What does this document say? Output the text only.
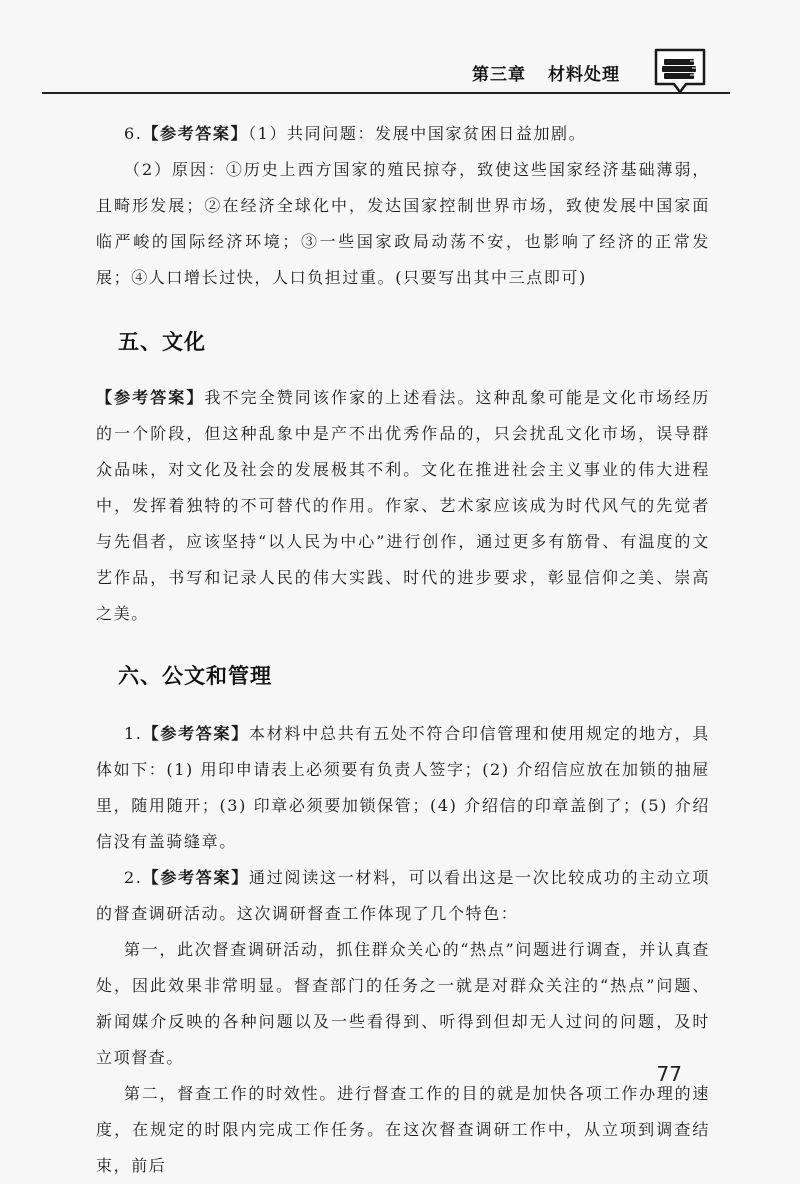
第三章 材料处理

6.【参考答案】（1）共同问题：发展中国家贫困日益加剧。

（2）原因：①历史上西方国家的殖民掠夺，致使这些国家经济基础薄弱，且畸形发展；②在经济全球化中，发达国家控制世界市场，致使发展中国家面临严峻的国际经济环境；③一些国家政局动荡不安，也影响了经济的正常发展；④人口增长过快，人口负担过重。(只要写出其中三点即可)

五、文化

【参考答案】我不完全赞同该作家的上述看法。这种乱象可能是文化市场经历的一个阶段，但这种乱象中是产不出优秀作品的，只会扰乱文化市场，误导群众品味，对文化及社会的发展极其不利。文化在推进社会主义事业的伟大进程中，发挥着独特的不可替代的作用。作家、艺术家应该成为时代风气的先觉者与先倡者，应该坚持“以人民为中心”进行创作，通过更多有筋骨、有温度的文艺作品，书写和记录人民的伟大实践、时代的进步要求，彰显信仰之美、崇高之美。

六、公文和管理

1.【参考答案】本材料中总共有五处不符合印信管理和使用规定的地方，具体如下：(1) 用印申请表上必须要有负责人签字；(2) 介绍信应放在加锁的抽屉里，随用随开；(3) 印章必须要加锁保管；(4) 介绍信的印章盖倒了；(5) 介绍信没有盖骑缝章。

2.【参考答案】通过阅读这一材料，可以看出这是一次比较成功的主动立项的督查调研活动。这次调研督查工作体现了几个特色：

第一，此次督查调研活动，抓住群众关心的“热点”问题进行调查，并认真查处，因此效果非常明显。督查部门的任务之一就是对群众关注的“热点”问题、新闻媒介反映的各种问题以及一些看得到、听得到但却无人过问的问题，及时立项督查。

第二，督查工作的时效性。进行督查工作的目的就是加快各项工作办理的速度，在规定的时限内完成工作任务。在这次督查调研工作中，从立项到调查结束，前后

77
